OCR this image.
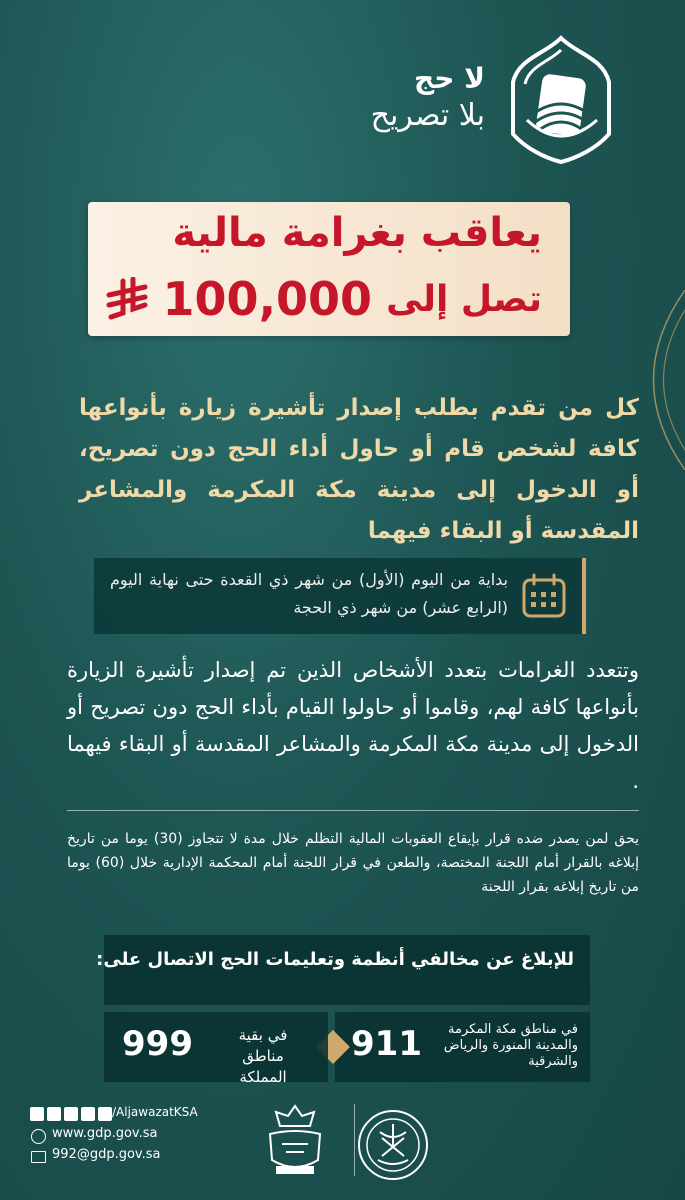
لا حج
بلا تصريح
يعاقب بغرامة مالية
تصل إلى
100,000
كل من تقدم بطلب إصدار تأشيرة زيارة بأنواعها كافة لشخص قام أو حاول أداء الحج دون تصريح، أو الدخول إلى مدينة مكة المكرمة والمشاعر المقدسة أو البقاء فيهما
بداية من اليوم (الأول) من شهر ذي القعدة حتى نهاية اليوم (الرابع عشر) من شهر ذي الحجة
وتتعدد الغرامات بتعدد الأشخاص الذين تم إصدار تأشيرة الزيارة بأنواعها كافة لهم، وقاموا أو حاولوا القيام بأداء الحج دون تصريح أو الدخول إلى مدينة مكة المكرمة والمشاعر المقدسة أو البقاء فيهما .
يحق لمن يصدر ضده قرار بإيقاع العقوبات المالية التظلم خلال مدة لا تتجاوز (30) يوما من تاريخ إبلاغه بالقرار أمام اللجنة المختصة، والطعن في قرار اللجنة أمام المحكمة الإدارية خلال (60) يوما من تاريخ إبلاغه بقرار اللجنة
للإبلاغ عن مخالفي أنظمة وتعليمات الحج الاتصال على:
911	في مناطق مكة المكرمة والمدينة المنورة والرياض والشرقية
999	في بقية مناطق المملكة
/AljawazatKSA
www.gdp.gov.sa
992@gdp.gov.sa
